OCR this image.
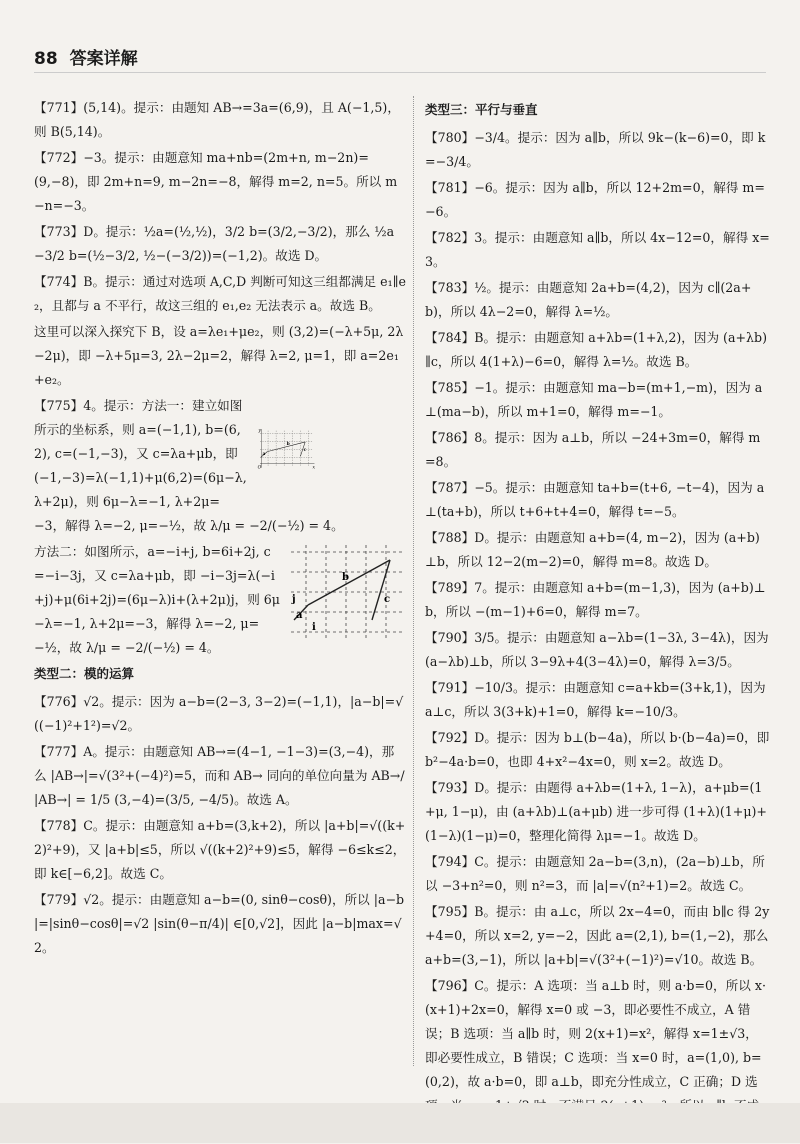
88 答案详解

【771】(5,14)。提示：由题知 AB→=3a=(6,9)，且 A(−1,5)，则 B(5,14)。

【772】−3。提示：由题意知 ma+nb=(2m+n, m−2n)=(9,−8)，即 2m+n=9, m−2n=−8，解得 m=2, n=5。所以 m−n=−3。

【773】D。提示：½a=(½,½)，3/2 b=(3/2,−3/2)，那么 ½a−3/2 b=(½−3/2, ½−(−3/2))=(−1,2)。故选 D。

【774】B。提示：通过对选项 A,C,D 判断可知这三组都满足 e₁∥e₂，且都与 a 不平行，故这三组的 e₁,e₂ 无法表示 a。故选 B。

这里可以深入探究下 B，设 a=λe₁+μe₂，则 (3,2)=(−λ+5μ, 2λ−2μ)，即 −λ+5μ=3, 2λ−2μ=2，解得 λ=2, μ=1，即 a=2e₁+e₂。

y
x
O
a
b
c

【775】4。提示：方法一：建立如图所示的坐标系，则 a=(−1,1), b=(6,2), c=(−1,−3)，又 c=λa+μb，即 (−1,−3)=λ(−1,1)+μ(6,2)=(6μ−λ, λ+2μ)，则 6μ−λ=−1, λ+2μ=−3，解得 λ=−2, μ=−½，故 λ/μ = −2/(−½) = 4。

a
b
c
i
j

方法二：如图所示，a=−i+j, b=6i+2j, c=−i−3j，又 c=λa+μb，即 −i−3j=λ(−i+j)+μ(6i+2j)=(6μ−λ)i+(λ+2μ)j，则 6μ−λ=−1, λ+2μ=−3，解得 λ=−2, μ=−½，故 λ/μ = −2/(−½) = 4。

类型二：模的运算

【776】√2。提示：因为 a−b=(2−3, 3−2)=(−1,1)，|a−b|=√((−1)²+1²)=√2。

【777】A。提示：由题意知 AB→=(4−1, −1−3)=(3,−4)，那么 |AB→|=√(3²+(−4)²)=5，而和 AB→ 同向的单位向量为 AB→/|AB→| = 1/5 (3,−4)=(3/5, −4/5)。故选 A。

【778】C。提示：由题意知 a+b=(3,k+2)，所以 |a+b|=√((k+2)²+9)，又 |a+b|≤5，所以 √((k+2)²+9)≤5，解得 −6≤k≤2，即 k∈[−6,2]。故选 C。

【779】√2。提示：由题意知 a−b=(0, sinθ−cosθ)，所以 |a−b|=|sinθ−cosθ|=√2 |sin(θ−π/4)| ∈[0,√2]，因此 |a−b|max=√2。

类型三：平行与垂直

【780】−3/4。提示：因为 a∥b，所以 9k−(k−6)=0，即 k=−3/4。

【781】−6。提示：因为 a∥b，所以 12+2m=0，解得 m=−6。

【782】3。提示：由题意知 a∥b，所以 4x−12=0，解得 x=3。

【783】½。提示：由题意知 2a+b=(4,2)，因为 c∥(2a+b)，所以 4λ−2=0，解得 λ=½。

【784】B。提示：由题意知 a+λb=(1+λ,2)，因为 (a+λb)∥c，所以 4(1+λ)−6=0，解得 λ=½。故选 B。

【785】−1。提示：由题意知 ma−b=(m+1,−m)，因为 a⊥(ma−b)，所以 m+1=0，解得 m=−1。

【786】8。提示：因为 a⊥b，所以 −24+3m=0，解得 m=8。

【787】−5。提示：由题意知 ta+b=(t+6, −t−4)，因为 a⊥(ta+b)，所以 t+6+t+4=0，解得 t=−5。

【788】D。提示：由题意知 a+b=(4, m−2)，因为 (a+b)⊥b，所以 12−2(m−2)=0，解得 m=8。故选 D。

【789】7。提示：由题意知 a+b=(m−1,3)，因为 (a+b)⊥b，所以 −(m−1)+6=0，解得 m=7。

【790】3/5。提示：由题意知 a−λb=(1−3λ, 3−4λ)，因为 (a−λb)⊥b，所以 3−9λ+4(3−4λ)=0，解得 λ=3/5。

【791】−10/3。提示：由题意知 c=a+kb=(3+k,1)，因为 a⊥c，所以 3(3+k)+1=0，解得 k=−10/3。

【792】D。提示：因为 b⊥(b−4a)，所以 b·(b−4a)=0，即 b²−4a·b=0，也即 4+x²−4x=0，则 x=2。故选 D。

【793】D。提示：由题得 a+λb=(1+λ, 1−λ)，a+μb=(1+μ, 1−μ)，由 (a+λb)⊥(a+μb) 进一步可得 (1+λ)(1+μ)+(1−λ)(1−μ)=0，整理化简得 λμ=−1。故选 D。

【794】C。提示：由题意知 2a−b=(3,n)，(2a−b)⊥b，所以 −3+n²=0，则 n²=3，而 |a|=√(n²+1)=2。故选 C。

【795】B。提示：由 a⊥c，所以 2x−4=0，而由 b∥c 得 2y+4=0，所以 x=2, y=−2，因此 a=(2,1), b=(1,−2)，那么 a+b=(3,−1)，所以 |a+b|=√(3²+(−1)²)=√10。故选 B。

【796】C。提示：A 选项：当 a⊥b 时，则 a·b=0，所以 x·(x+1)+2x=0，解得 x=0 或 −3，即必要性不成立，A 错误；B 选项：当 a∥b 时，则 2(x+1)=x²，解得 x=1±√3，即必要性成立，B 错误；C 选项：当 x=0 时，a=(1,0), b=(0,2)，故 a·b=0，即 a⊥b，即充分性成立，C 正确；D 选
